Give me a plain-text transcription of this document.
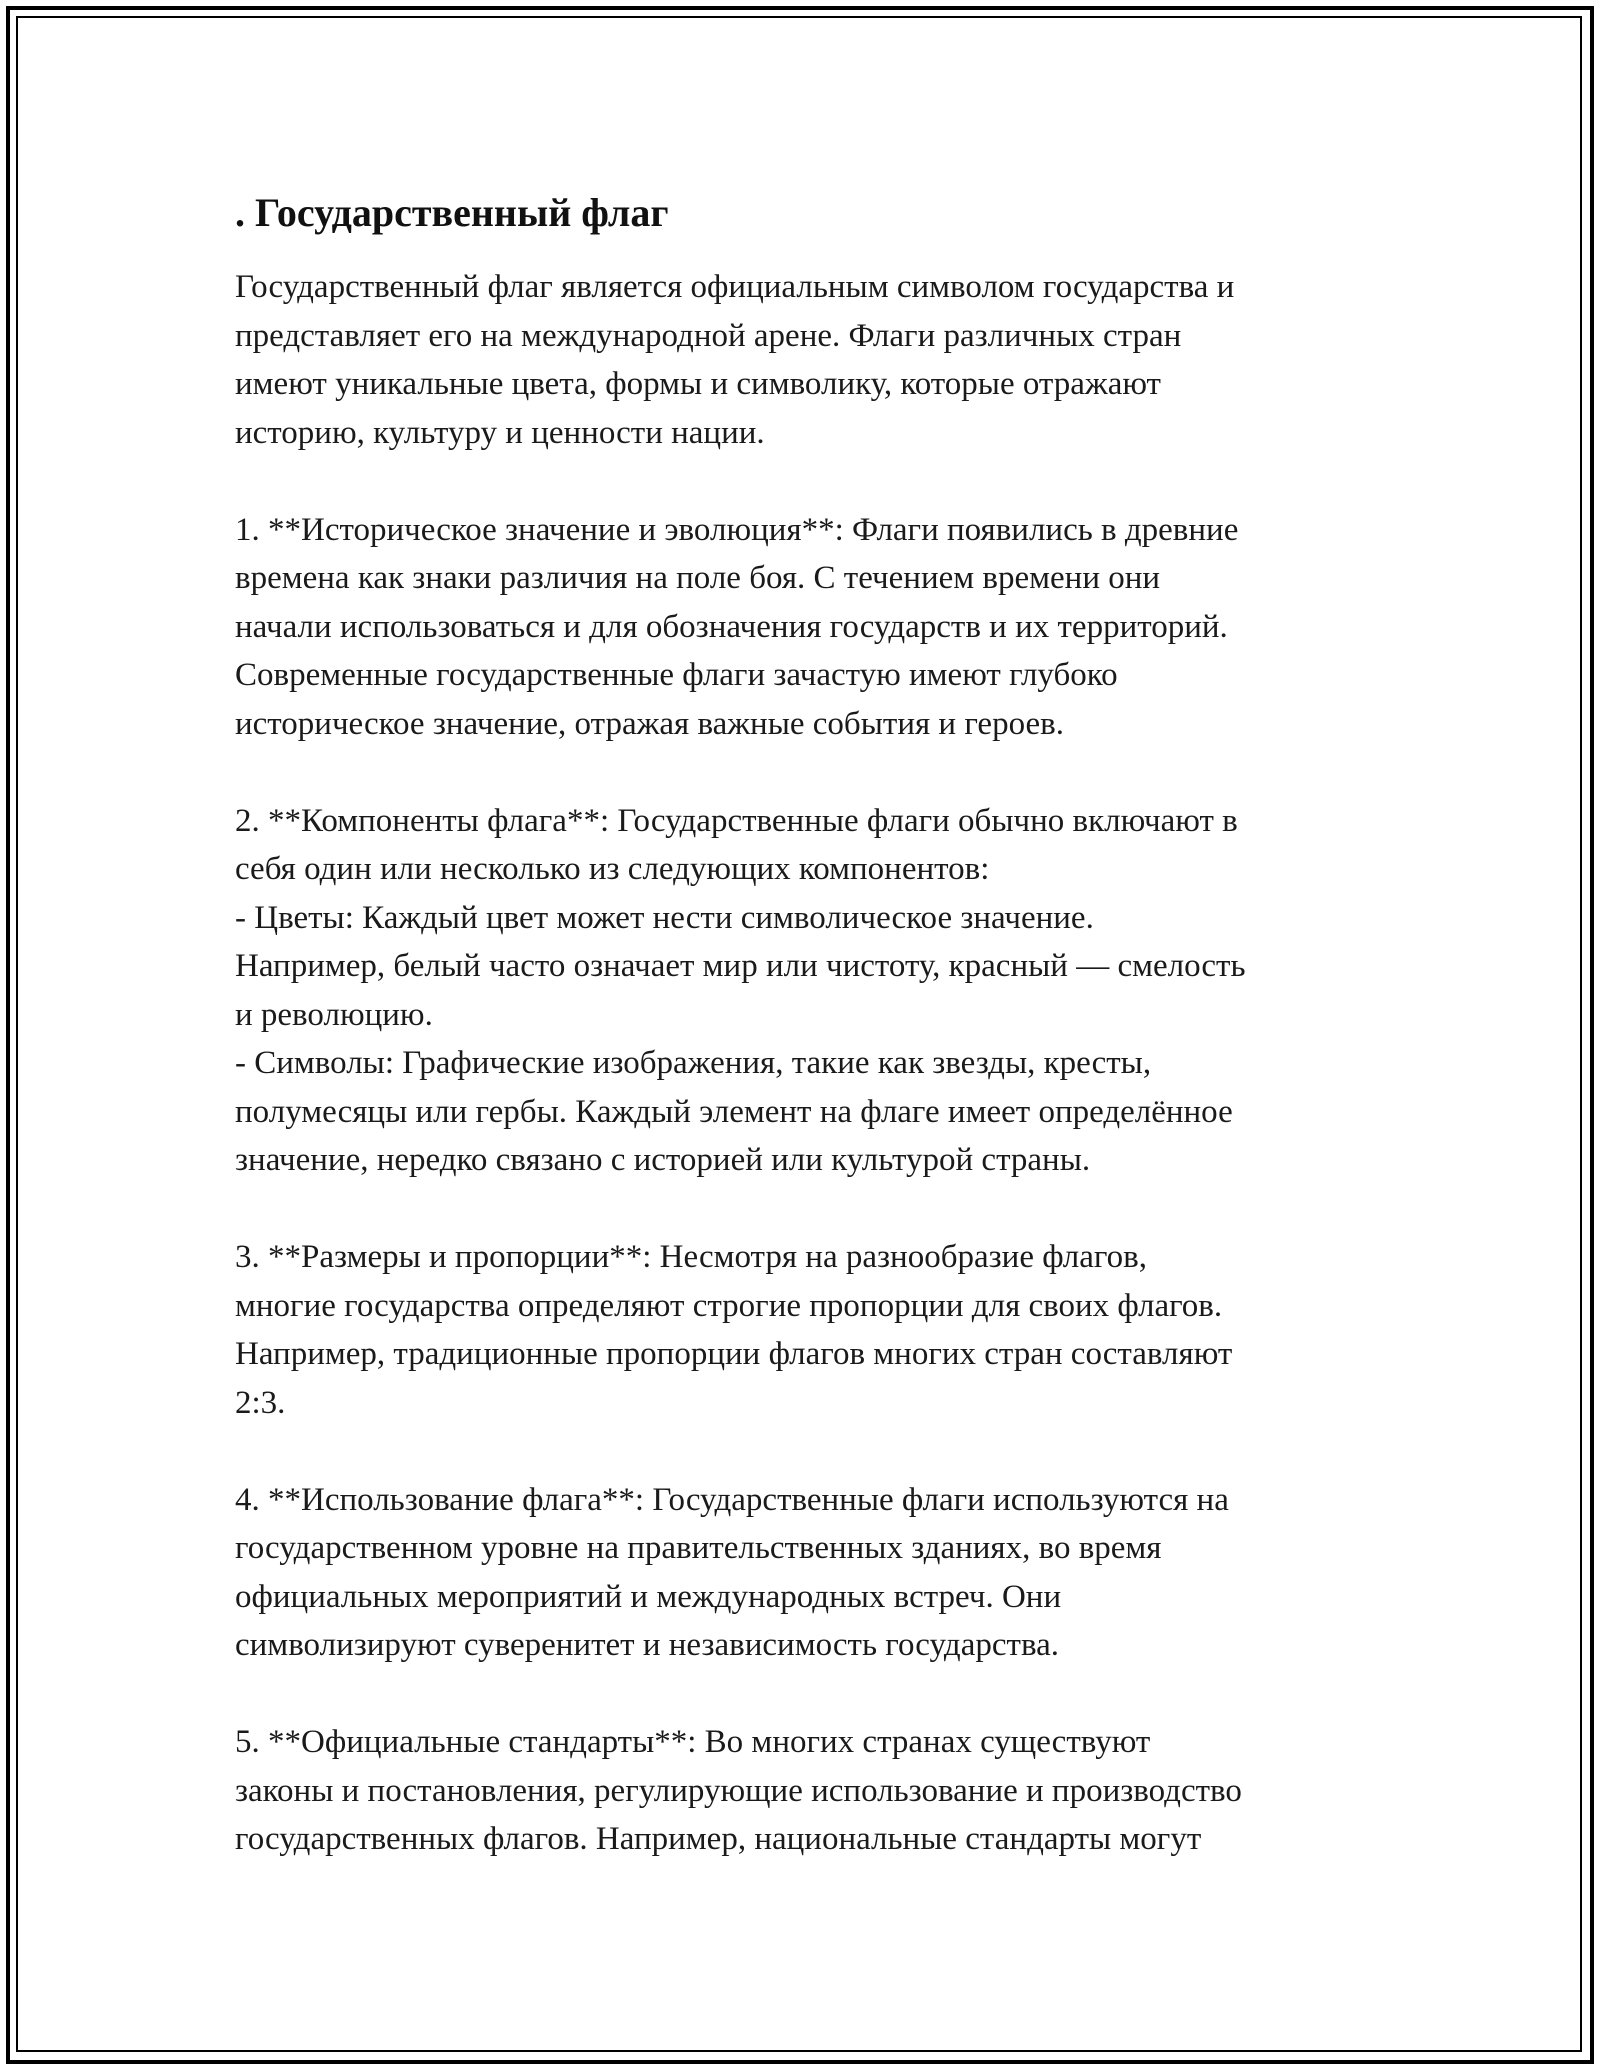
. Государственный флаг

Государственный флаг является официальным символом государства и
представляет его на международной арене. Флаги различных стран
имеют уникальные цвета, формы и символику, которые отражают
историю, культуру и ценности нации.

1. **Историческое значение и эволюция**: Флаги появились в древние
времена как знаки различия на поле боя. С течением времени они
начали использоваться и для обозначения государств и их территорий.
Современные государственные флаги зачастую имеют глубоко
историческое значение, отражая важные события и героев.

2. **Компоненты флага**: Государственные флаги обычно включают в
себя один или несколько из следующих компонентов:
- Цветы: Каждый цвет может нести символическое значение.
Например, белый часто означает мир или чистоту, красный — смелость
и революцию.
- Символы: Графические изображения, такие как звезды, кресты,
полумесяцы или гербы. Каждый элемент на флаге имеет определённое
значение, нередко связано с историей или культурой страны.

3. **Размеры и пропорции**: Несмотря на разнообразие флагов,
многие государства определяют строгие пропорции для своих флагов.
Например, традиционные пропорции флагов многих стран составляют
2:3.

4. **Использование флага**: Государственные флаги используются на
государственном уровне на правительственных зданиях, во время
официальных мероприятий и международных встреч. Они
символизируют суверенитет и независимость государства.

5. **Официальные стандарты**: Во многих странах существуют
законы и постановления, регулирующие использование и производство
государственных флагов. Например, национальные стандарты могут
